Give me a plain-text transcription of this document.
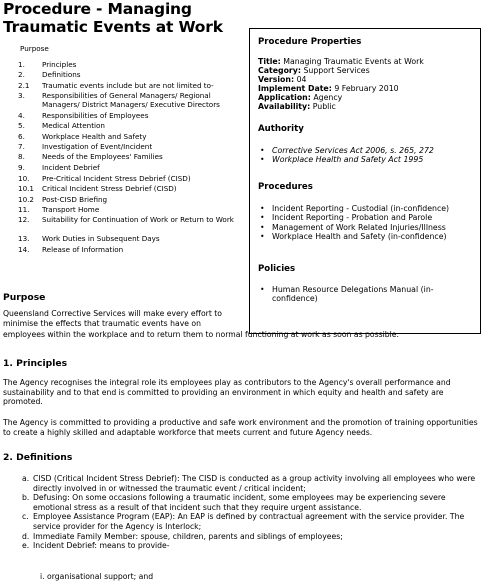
Procedure - Managing Traumatic Events at Work
Purpose
1.	Principles
2.	Definitions
2.1	Traumatic events include but are not limited to-
3.	Responsibilities of General Managers/ Regional Managers/ District Managers/ Executive Directors
4.	Responsibilities of Employees
5.	Medical Attention
6.	Workplace Health and Safety
7.	Investigation of Event/Incident
8.	Needs of the Employees' Families
9.	Incident Debrief
10.	Pre-Critical Incident Stress Debrief (CISD)
10.1	Critical Incident Stress Debrief (CISD)
10.2	Post-CISD Briefing
11.	Transport Home
12.	Suitability for Continuation of Work or Return to Work
13.	Work Duties in Subsequent Days
14.	Release of Information
Procedure Properties
Title: Managing Traumatic Events at Work
Category: Support Services
Version: 04
Implement Date: 9 February 2010
Application: Agency
Availability: Public
Authority
• Corrective Services Act 2006, s. 265, 272
• Workplace Health and Safety Act 1995
Procedures
• Incident Reporting - Custodial (in-confidence)
• Incident Reporting - Probation and Parole
• Management of Work Related Injuries/Illness
• Workplace Health and Safety (in-confidence)
Policies
• Human Resource Delegations Manual (in-confidence)
Purpose
Queensland Corrective Services will make every effort to
minimise the effects that traumatic events have on
employees within the workplace and to return them to normal functioning at work as soon as possible.
1. Principles
The Agency recognises the integral role its employees play as contributors to the Agency's overall performance and sustainability and to that end is committed to providing an environment in which equity and health and safety are promoted.
The Agency is committed to providing a productive and safe work environment and the promotion of training opportunities to create a highly skilled and adaptable workforce that meets current and future Agency needs.
2. Definitions
a. CISD (Critical Incident Stress Debrief): The CISD is conducted as a group activity involving all employees who were directly involved in or witnessed the traumatic event / critical incident;
b. Defusing: On some occasions following a traumatic incident, some employees may be experiencing severe emotional stress as a result of that incident such that they require urgent assistance.
c. Employee Assistance Program (EAP): An EAP is defined by contractual agreement with the service provider. The service provider for the Agency is Interlock;
d. Immediate Family Member: spouse, children, parents and siblings of employees;
e. Incident Debrief: means to provide-
i. organisational support; and
